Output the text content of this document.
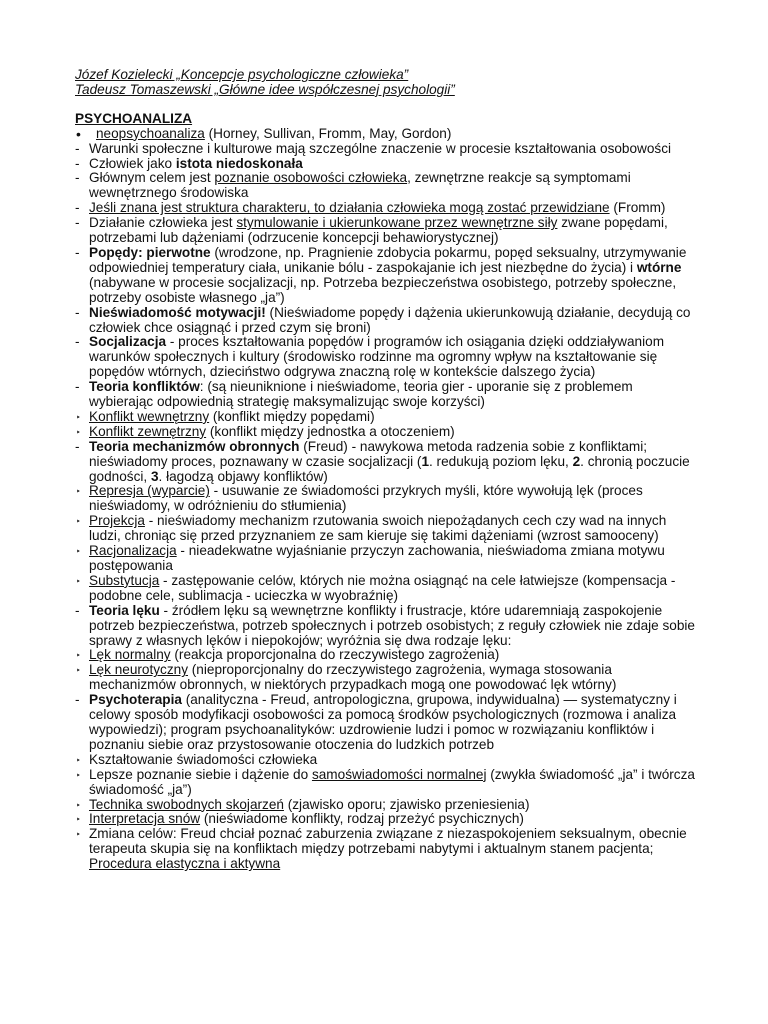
Józef Kozielecki „Koncepcje psychologiczne człowieka”

Tadeusz Tomaszewski „Główne idee współczesnej psychologii”

PSYCHOANALIZA

•	neopsychoanaliza (Horney, Sullivan, Fromm, May, Gordon)
- Warunki społeczne i kulturowe mają szczególne znaczenie w procesie kształtowania osobowości
- Człowiek jako istota niedoskonała
- Głównym celem jest poznanie osobowości człowieka, zewnętrzne reakcje są symptomami wewnętrznego środowiska
- Jeśli znana jest struktura charakteru, to działania człowieka mogą zostać przewidziane (Fromm)
- Działanie człowieka jest stymulowanie i ukierunkowane przez wewnętrzne siły zwane popędami, potrzebami lub dążeniami (odrzucenie koncepcji behawiorystycznej)
- Popędy: pierwotne (wrodzone, np. Pragnienie zdobycia pokarmu, popęd seksualny, utrzymywanie odpowiedniej temperatury ciała, unikanie bólu - zaspokajanie ich jest niezbędne do życia) i wtórne (nabywane w procesie socjalizacji, np. Potrzeba bezpieczeństwa osobistego, potrzeby społeczne, potrzeby osobiste własnego „ja”)
- Nieświadomość motywacji! (Nieświadome popędy i dążenia ukierunkowują działanie, decydują co człowiek chce osiągnąć i przed czym się broni)
- Socjalizacja - proces kształtowania popędów i programów ich osiągania dzięki oddziaływaniom warunków społecznych i kultury (środowisko rodzinne ma ogromny wpływ na kształtowanie się popędów wtórnych, dzieciństwo odgrywa znaczną rolę w kontekście dalszego życia)
- Teoria konfliktów: (są nieuniknione i nieświadome, teoria gier - uporanie się z problemem wybierając odpowiednią strategię maksymalizując swoje korzyści)
‣ Konflikt wewnętrzny (konflikt między popędami)
‣ Konflikt zewnętrzny (konflikt między jednostka a otoczeniem)
- Teoria mechanizmów obronnych (Freud) - nawykowa metoda radzenia sobie z konfliktami; nieświadomy proces, poznawany w czasie socjalizacji (1. redukują poziom lęku, 2. chronią poczucie godności, 3. łagodzą objawy konfliktów)
‣ Represja (wyparcie) - usuwanie ze świadomości przykrych myśli, które wywołują lęk (proces nieświadomy, w odróżnieniu do stłumienia)
‣ Projekcja - nieświadomy mechanizm rzutowania swoich niepożądanych cech czy wad na innych ludzi, chroniąc się przed przyznaniem ze sam kieruje się takimi dążeniami (wzrost samooceny)
‣ Racjonalizacja - nieadekwatne wyjaśnianie przyczyn zachowania, nieświadoma zmiana motywu postępowania
‣ Substytucja - zastępowanie celów, których nie można osiągnąć na cele łatwiejsze (kompensacja - podobne cele, sublimacja - ucieczka w wyobraźnię)
- Teoria lęku - źródłem lęku są wewnętrzne konflikty i frustracje, które udaremniają zaspokojenie potrzeb bezpieczeństwa, potrzeb społecznych i potrzeb osobistych; z reguły człowiek nie zdaje sobie sprawy z własnych lęków i niepokojów; wyróżnia się dwa rodzaje lęku:
‣ Lęk normalny (reakcja proporcjonalna do rzeczywistego zagrożenia)
‣ Lęk neurotyczny (nieproporcjonalny do rzeczywistego zagrożenia, wymaga stosowania mechanizmów obronnych, w niektórych przypadkach mogą one powodować lęk wtórny)
- Psychoterapia (analityczna - Freud, antropologiczna, grupowa, indywidualna) — systematyczny i celowy sposób modyfikacji osobowości za pomocą środków psychologicznych (rozmowa i analiza wypowiedzi); program psychoanalityków: uzdrowienie ludzi i pomoc w rozwiązaniu konfliktów i poznaniu siebie oraz przystosowanie otoczenia do ludzkich potrzeb
‣ Kształtowanie świadomości człowieka
‣ Lepsze poznanie siebie i dążenie do samoświadomości normalnej (zwykła świadomość „ja” i twórcza świadomość „ja”)
‣ Technika swobodnych skojarzeń (zjawisko oporu; zjawisko przeniesienia)
‣ Interpretacja snów (nieświadome konflikty, rodzaj przeżyć psychicznych)
‣ Zmiana celów: Freud chciał poznać zaburzenia związane z niezaspokojeniem seksualnym, obecnie terapeuta skupia się na konfliktach między potrzebami nabytymi i aktualnym stanem pacjenta; Procedura elastyczna i aktywna
